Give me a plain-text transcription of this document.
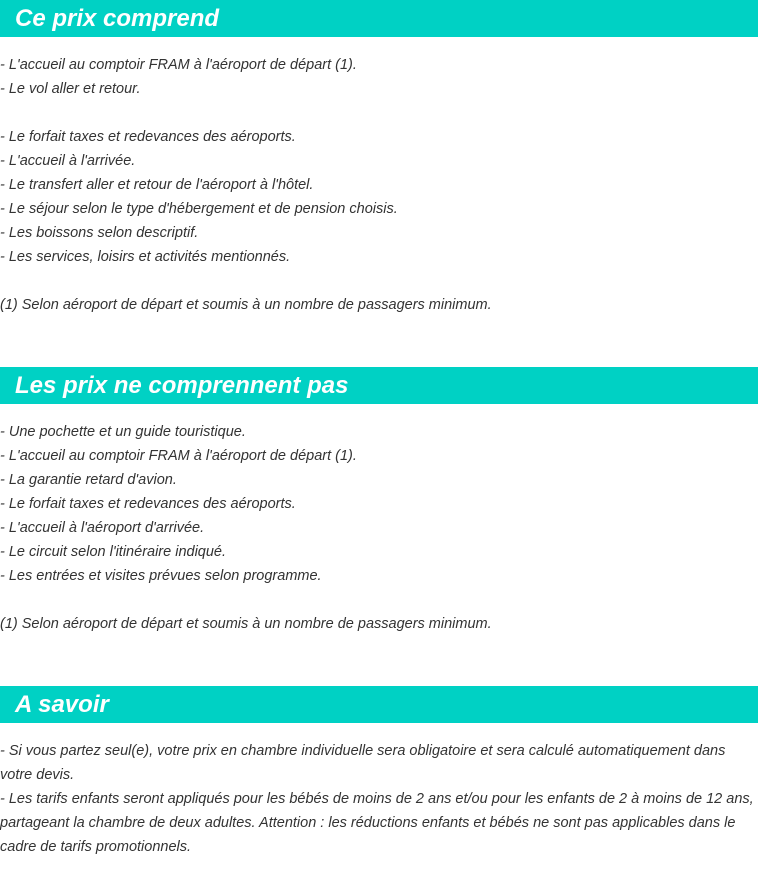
Ce prix comprend
- L'accueil au comptoir FRAM à l'aéroport de départ (1).
- Le vol aller et retour.
- Le forfait taxes et redevances des aéroports.
- L'accueil à l'arrivée.
- Le transfert aller et retour de l'aéroport à l'hôtel.
- Le séjour selon le type d'hébergement et de pension choisis.
- Les boissons selon descriptif.
- Les services, loisirs et activités mentionnés.
(1) Selon aéroport de départ et soumis à un nombre de passagers minimum.
Les prix ne comprennent pas
- Une pochette et un guide touristique.
- L'accueil au comptoir FRAM à l'aéroport de départ (1).
- La garantie retard d'avion.
- Le forfait taxes et redevances des aéroports.
- L'accueil à l'aéroport d'arrivée.
- Le circuit selon l'itinéraire indiqué.
- Les entrées et visites prévues selon programme.
(1) Selon aéroport de départ et soumis à un nombre de passagers minimum.
A savoir
- Si vous partez seul(e), votre prix en chambre individuelle sera obligatoire et sera calculé automatiquement dans votre devis.
- Les tarifs enfants seront appliqués pour les bébés de moins de 2 ans et/ou pour les enfants de 2 à moins de 12 ans, partageant la chambre de deux adultes. Attention : les réductions enfants et bébés ne sont pas applicables dans le cadre de tarifs promotionnels.
